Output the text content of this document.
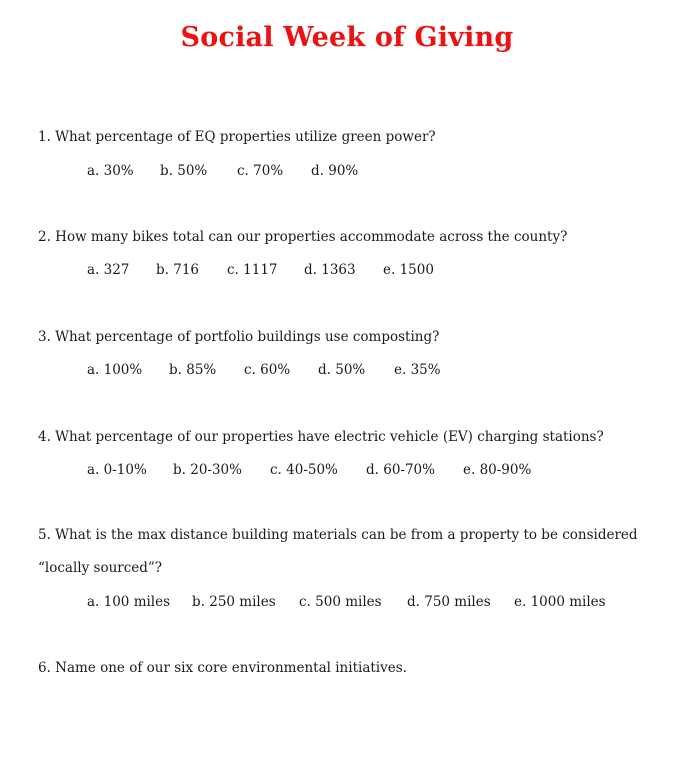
Social Week of Giving
1. What percentage of EQ properties utilize green power?
a. 30% b. 50% c. 70% d. 90%
2. How many bikes total can our properties accommodate across the county?
a. 327 b. 716 c. 1117 d. 1363 e. 1500
3. What percentage of portfolio buildings use composting?
a. 100% b. 85% c. 60% d. 50% e. 35%
4. What percentage of our properties have electric vehicle (EV) charging stations?
a. 0-10% b. 20-30% c. 40-50% d. 60-70% e. 80-90%
5. What is the max distance building materials can be from a property to be considered “locally sourced”?
a. 100 miles b. 250 miles c. 500 miles d. 750 miles e. 1000 miles
6. Name one of our six core environmental initiatives.
